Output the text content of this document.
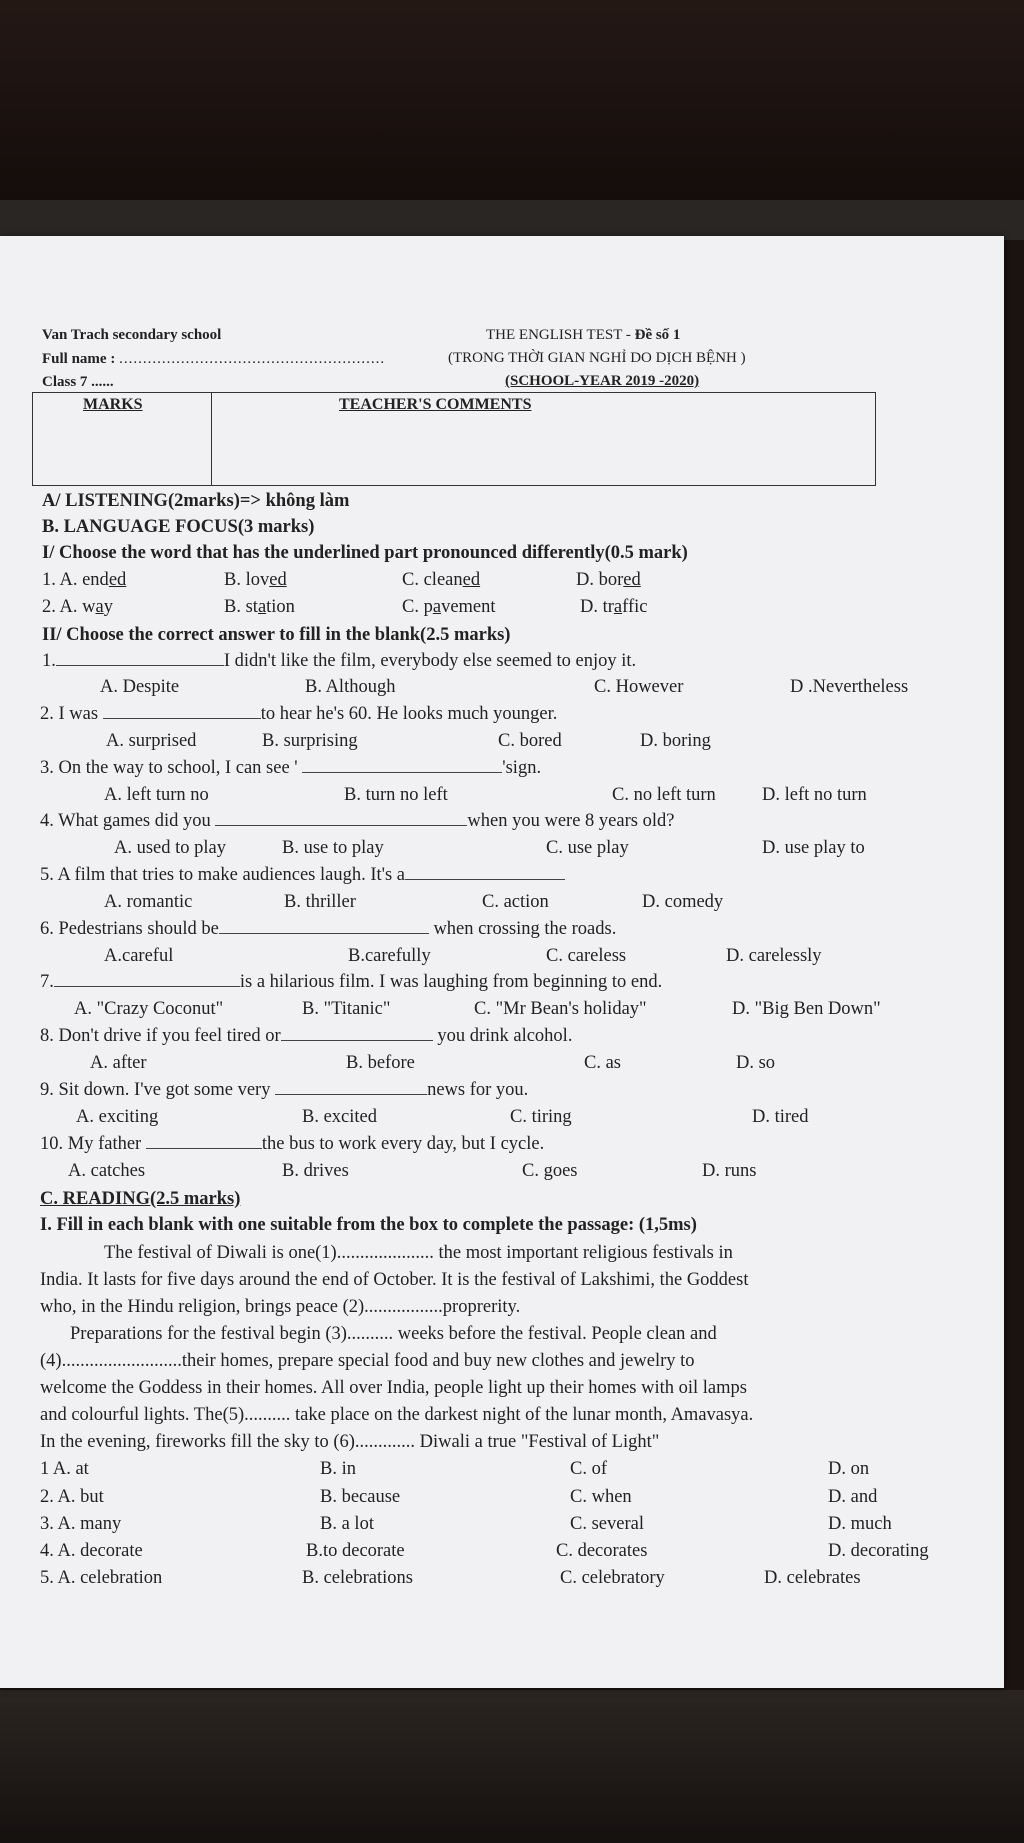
Van Trach secondary school
Full name : ........................................................
Class 7 ......
THE ENGLISH TEST - Đề số 1
(TRONG THỜI GIAN NGHỈ DO DỊCH BỆNH )
(SCHOOL-YEAR 2019 -2020)
MARKS	TEACHER'S COMMENTS
A/ LISTENING(2marks)=> không làm
B. LANGUAGE FOCUS(3 marks)
I/ Choose the word that has the underlined part pronounced differently(0.5 mark)
1. A. ended	B. loved	C. cleaned	D. bored
2. A. way	B. station	C. pavement	D. traffic
II/ Choose the correct answer to fill in the blank(2.5 marks)
1.	I didn't like the film, everybody else seemed to enjoy it.
A. Despite	B. Although	C. However	D .Nevertheless
2. I was	to hear he's 60. He looks much younger.
A. surprised	B. surprising	C. bored	D. boring
3. On the way to school, I can see '	'sign.
A. left turn no	B. turn no left	C. no left turn D. left no turn
4. What games did you	when you were 8 years old?
A. used to play	B. use to play	C. use play	D. use play to
5. A film that tries to make audiences laugh. It's a
A. romantic	B. thriller	C. action	D. comedy
6. Pedestrians should be	when crossing the roads.
A.careful	B.carefully	C. careless	D. carelessly
7.	is a hilarious film. I was laughing from beginning to end.
A. "Crazy Coconut"	B. "Titanic"	C. "Mr Bean's holiday"	D. "Big Ben Down"
8. Don't drive if you feel tired or	you drink alcohol.
A. after	B. before	C. as	D. so
9. Sit down. I've got some very	news for you.
A. exciting	B. excited	C. tiring	D. tired
10. My father	the bus to work every day, but I cycle.
A. catches	B. drives	C. goes	D. runs
C. READING(2.5 marks)
I. Fill in each blank with one suitable from the box to complete the passage: (1,5ms)
The festival of Diwali is one(1)..................... the most important religious festivals in
India. It lasts for five days around the end of October. It is the festival of Lakshimi, the Goddest
who, in the Hindu religion, brings peace (2).................proprerity.
Preparations for the festival begin (3).......... weeks before the festival. People clean and
(4)..........................their homes, prepare special food and buy new clothes and jewelry to
welcome the Goddess in their homes. All over India, people light up their homes with oil lamps
and colourful lights. The(5).......... take place on the darkest night of the lunar month, Amavasya.
In the evening, fireworks fill the sky to (6)............. Diwali a true "Festival of Light"
1 A. at	B. in	C. of	D. on
2. A. but	B. because	C. when	D. and
3. A. many	B. a lot	C. several	D. much
4. A. decorate	B.to decorate	C. decorates	D. decorating
5. A. celebration	B. celebrations	C. celebratory	D. celebrates
